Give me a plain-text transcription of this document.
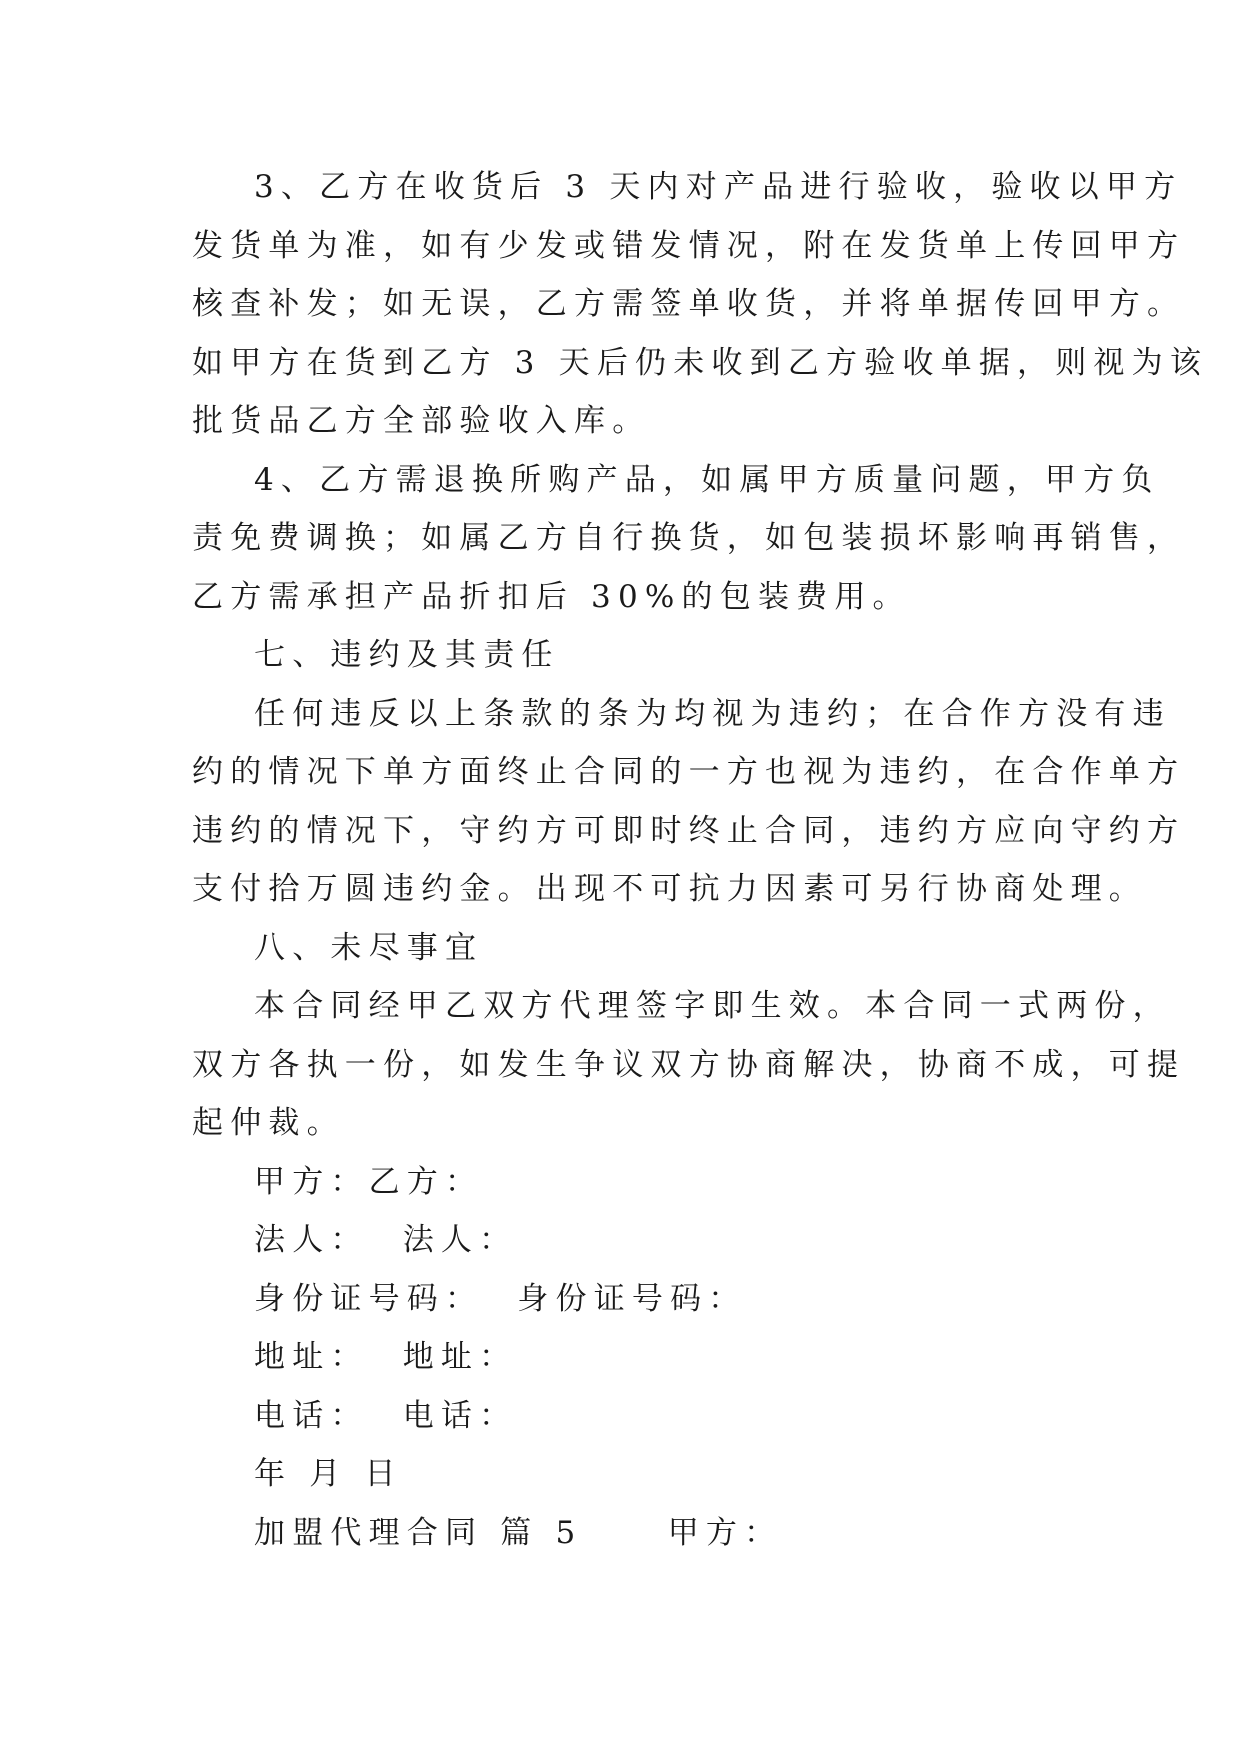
3、乙方在收货后 3 天内对产品进行验收，验收以甲方
发货单为准，如有少发或错发情况，附在发货单上传回甲方
核查补发；如无误，乙方需签单收货，并将单据传回甲方。
如甲方在货到乙方 3 天后仍未收到乙方验收单据，则视为该
批货品乙方全部验收入库。
4、乙方需退换所购产品，如属甲方质量问题，甲方负
责免费调换；如属乙方自行换货，如包装损坏影响再销售，
乙方需承担产品折扣后 30%的包装费用。
七、违约及其责任
任何违反以上条款的条为均视为违约；在合作方没有违
约的情况下单方面终止合同的一方也视为违约，在合作单方
违约的情况下，守约方可即时终止合同，违约方应向守约方
支付拾万圆违约金。出现不可抗力因素可另行协商处理。
八、未尽事宜
本合同经甲乙双方代理签字即生效。本合同一式两份，
双方各执一份，如发生争议双方协商解决，协商不成，可提
起仲裁。
甲方：乙方：
法人：  法人：
身份证号码：  身份证号码：
地址：  地址：
电话：  电话：
年 月 日
加盟代理合同 篇 5     甲方：
